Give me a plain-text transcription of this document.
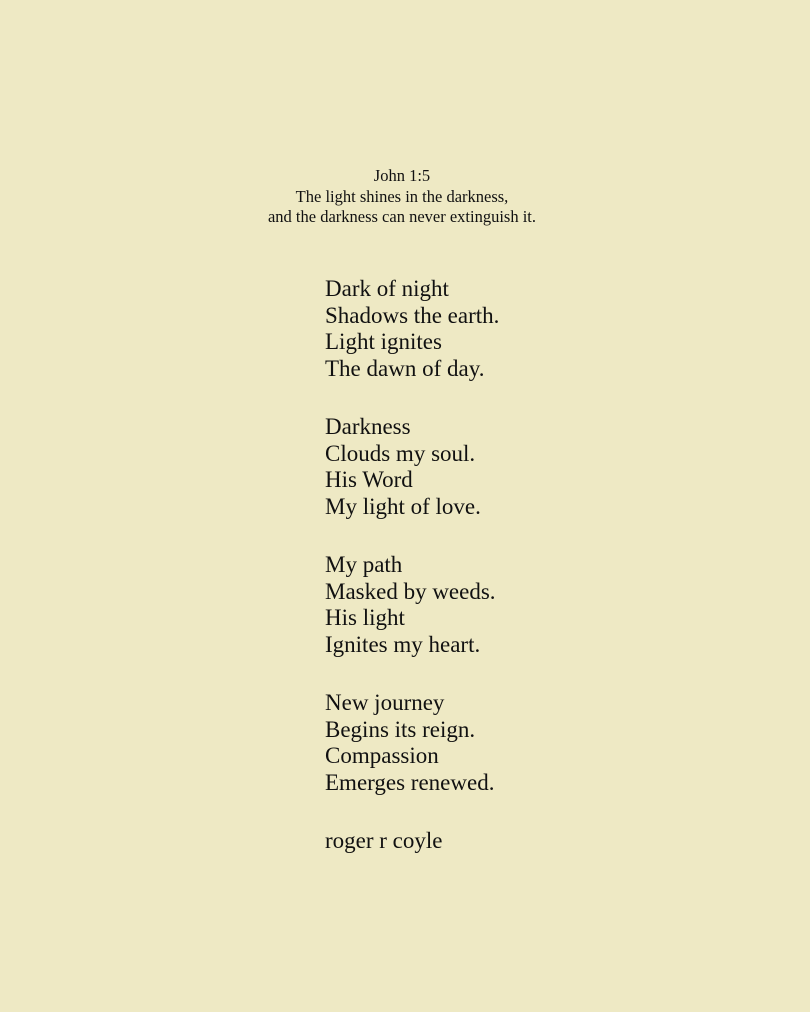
John 1:5
The light shines in the darkness,
and the darkness can never extinguish it.
Dark of night
Shadows the earth.
Light ignites
The dawn of day.
Darkness
Clouds my soul.
His Word
My light of love.
My path
Masked by weeds.
His light
Ignites my heart.
New journey
Begins its reign.
Compassion
Emerges renewed.
roger r coyle
